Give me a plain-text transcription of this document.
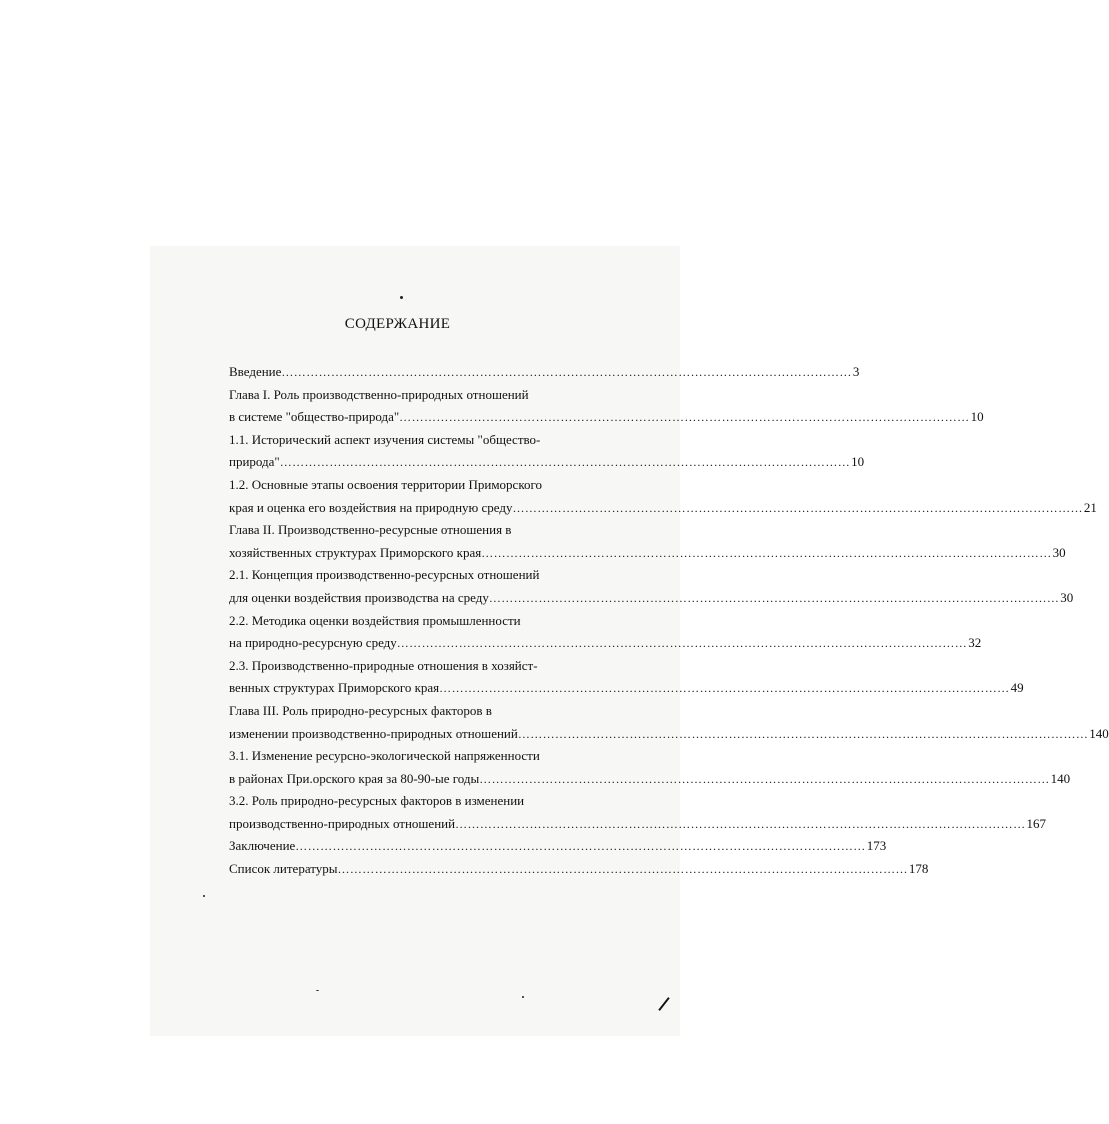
СОДЕРЖАНИЕ
Введение ………………………………………………………………………………………………………………………… 3
Глава I. Роль производственно-природных отношений
в системе "общество-природа" ………………………………………………………………………………………………………………………… 10
1.1. Исторический аспект изучения системы "общество-
природа" ………………………………………………………………………………………………………………………… 10
1.2. Основные этапы освоения территории Приморского
края и оценка его воздействия на природную среду ………………………………………………………………………………………………………………………… 21
Глава II. Производственно-ресурсные отношения в
хозяйственных структурах Приморского края ………………………………………………………………………………………………………………………… 30
2.1. Концепция производственно-ресурсных отношений
для оценки воздействия производства на среду ………………………………………………………………………………………………………………………… 30
2.2. Методика оценки воздействия промышленности
на природно-ресурсную среду ………………………………………………………………………………………………………………………… 32
2.3. Производственно-природные отношения в хозяйст-
венных структурах Приморского края ………………………………………………………………………………………………………………………… 49
Глава III. Роль природно-ресурсных факторов в
изменении производственно-природных отношений ………………………………………………………………………………………………………………………… 140
3.1. Изменение ресурсно-экологической напряженности
в районах При.орского края за 80-90-ые годы ………………………………………………………………………………………………………………………… 140
3.2. Роль природно-ресурсных факторов в изменении
производственно-природных отношений ………………………………………………………………………………………………………………………… 167
Заключение ………………………………………………………………………………………………………………………… 173
Список литературы ………………………………………………………………………………………………………………………… 178
